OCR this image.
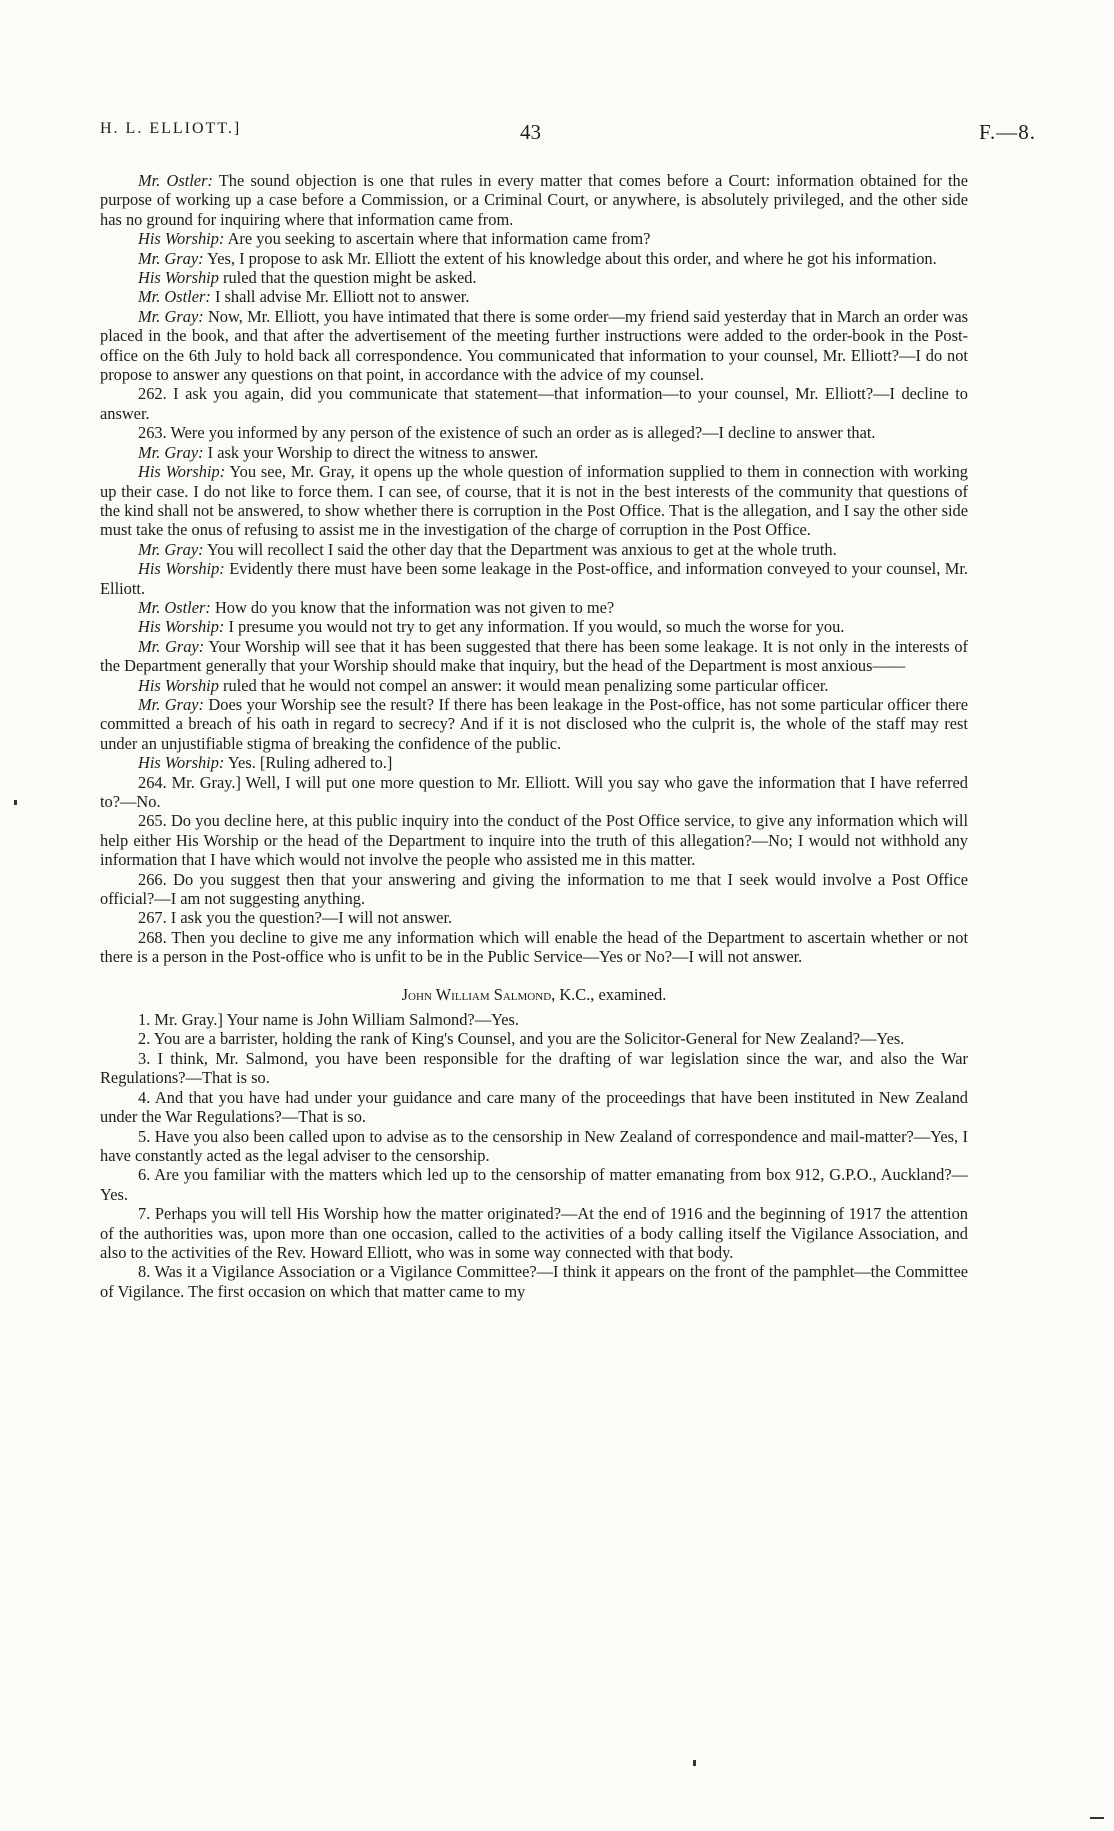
H. L. ELLIOTT.]	43	F.—8.

Mr. Ostler: The sound objection is one that rules in every matter that comes before a Court: information obtained for the purpose of working up a case before a Commission, or a Criminal Court, or anywhere, is absolutely privileged, and the other side has no ground for inquiring where that information came from.

His Worship: Are you seeking to ascertain where that information came from?

Mr. Gray: Yes, I propose to ask Mr. Elliott the extent of his knowledge about this order, and where he got his information.

His Worship ruled that the question might be asked.

Mr. Ostler: I shall advise Mr. Elliott not to answer.

Mr. Gray: Now, Mr. Elliott, you have intimated that there is some order—my friend said yesterday that in March an order was placed in the book, and that after the advertisement of the meeting further instructions were added to the order-book in the Post-office on the 6th July to hold back all correspondence. You communicated that information to your counsel, Mr. Elliott?—I do not propose to answer any questions on that point, in accordance with the advice of my counsel.

262. I ask you again, did you communicate that statement—that information—to your counsel, Mr. Elliott?—I decline to answer.

263. Were you informed by any person of the existence of such an order as is alleged?—I decline to answer that.

Mr. Gray: I ask your Worship to direct the witness to answer.

His Worship: You see, Mr. Gray, it opens up the whole question of information supplied to them in connection with working up their case. I do not like to force them. I can see, of course, that it is not in the best interests of the community that questions of the kind shall not be answered, to show whether there is corruption in the Post Office. That is the allegation, and I say the other side must take the onus of refusing to assist me in the investigation of the charge of corruption in the Post Office.

Mr. Gray: You will recollect I said the other day that the Department was anxious to get at the whole truth.

His Worship: Evidently there must have been some leakage in the Post-office, and information conveyed to your counsel, Mr. Elliott.

Mr. Ostler: How do you know that the information was not given to me?

His Worship: I presume you would not try to get any information. If you would, so much the worse for you.

Mr. Gray: Your Worship will see that it has been suggested that there has been some leakage. It is not only in the interests of the Department generally that your Worship should make that inquiry, but the head of the Department is most anxious——

His Worship ruled that he would not compel an answer: it would mean penalizing some particular officer.

Mr. Gray: Does your Worship see the result? If there has been leakage in the Post-office, has not some particular officer there committed a breach of his oath in regard to secrecy? And if it is not disclosed who the culprit is, the whole of the staff may rest under an unjustifiable stigma of breaking the confidence of the public.

His Worship: Yes. [Ruling adhered to.]

264. Mr. Gray.] Well, I will put one more question to Mr. Elliott. Will you say who gave the information that I have referred to?—No.

265. Do you decline here, at this public inquiry into the conduct of the Post Office service, to give any information which will help either His Worship or the head of the Department to inquire into the truth of this allegation?—No; I would not withhold any information that I have which would not involve the people who assisted me in this matter.

266. Do you suggest then that your answering and giving the information to me that I seek would involve a Post Office official?—I am not suggesting anything.

267. I ask you the question?—I will not answer.

268. Then you decline to give me any information which will enable the head of the Department to ascertain whether or not there is a person in the Post-office who is unfit to be in the Public Service—Yes or No?—I will not answer.

John William Salmond, K.C., examined.

1. Mr. Gray.] Your name is John William Salmond?—Yes.

2. You are a barrister, holding the rank of King's Counsel, and you are the Solicitor-General for New Zealand?—Yes.

3. I think, Mr. Salmond, you have been responsible for the drafting of war legislation since the war, and also the War Regulations?—That is so.

4. And that you have had under your guidance and care many of the proceedings that have been instituted in New Zealand under the War Regulations?—That is so.

5. Have you also been called upon to advise as to the censorship in New Zealand of correspondence and mail-matter?—Yes, I have constantly acted as the legal adviser to the censorship.

6. Are you familiar with the matters which led up to the censorship of matter emanating from box 912, G.P.O., Auckland?—Yes.

7. Perhaps you will tell His Worship how the matter originated?—At the end of 1916 and the beginning of 1917 the attention of the authorities was, upon more than one occasion, called to the activities of a body calling itself the Vigilance Association, and also to the activities of the Rev. Howard Elliott, who was in some way connected with that body.

8. Was it a Vigilance Association or a Vigilance Committee?—I think it appears on the front of the pamphlet—the Committee of Vigilance. The first occasion on which that matter came to my
